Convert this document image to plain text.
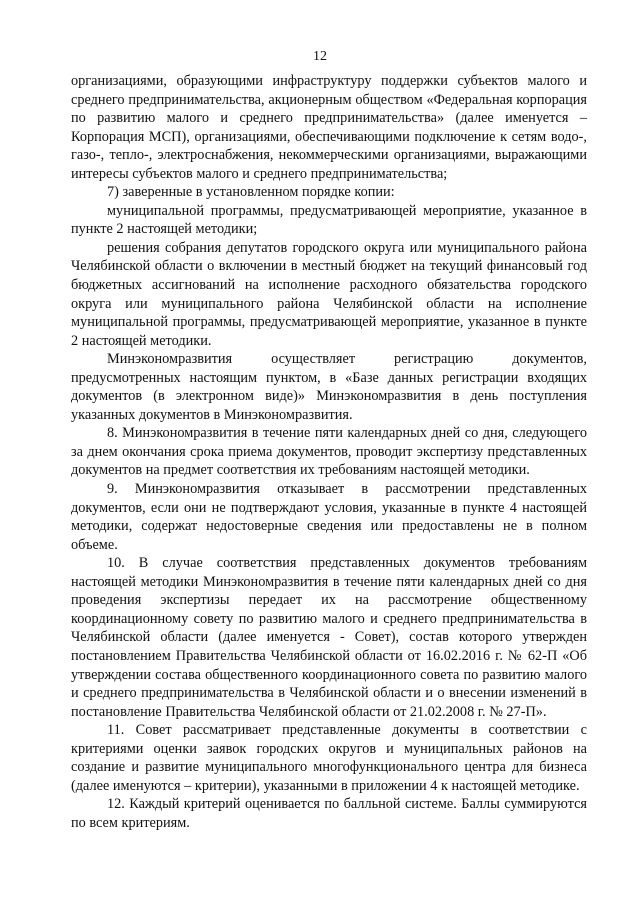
12

организациями, образующими инфраструктуру поддержки субъектов малого и среднего предпринимательства, акционерным обществом «Федеральная корпорация по развитию малого и среднего предпринимательства» (далее именуется – Корпорация МСП), организациями, обеспечивающими подключение к сетям водо-, газо-, тепло-, электроснабжения, некоммерческими организациями, выражающими интересы субъектов малого и среднего предпринимательства;

7) заверенные в установленном порядке копии:

муниципальной программы, предусматривающей мероприятие, указанное в пункте 2 настоящей методики;

решения собрания депутатов городского округа или муниципального района Челябинской области о включении в местный бюджет на текущий финансовый год бюджетных ассигнований на исполнение расходного обязательства городского округа или муниципального района Челябинской области на исполнение муниципальной программы, предусматривающей мероприятие, указанное в пункте 2 настоящей методики.

Минэкономразвития осуществляет регистрацию документов, предусмотренных настоящим пунктом, в «Базе данных регистрации входящих документов (в электронном виде)» Минэкономразвития в день поступления указанных документов в Минэкономразвития.

8. Минэкономразвития в течение пяти календарных дней со дня, следующего за днем окончания срока приема документов, проводит экспертизу представленных документов на предмет соответствия их требованиям настоящей методики.

9. Минэкономразвития отказывает в рассмотрении представленных документов, если они не подтверждают условия, указанные в пункте 4 настоящей методики, содержат недостоверные сведения или предоставлены не в полном объеме.

10. В случае соответствия представленных документов требованиям настоящей методики Минэкономразвития в течение пяти календарных дней со дня проведения экспертизы передает их на рассмотрение общественному координационному совету по развитию малого и среднего предпринимательства в Челябинской области (далее именуется - Совет), состав которого утвержден постановлением Правительства Челябинской области от 16.02.2016 г. № 62-П «Об утверждении состава общественного координационного совета по развитию малого и среднего предпринимательства в Челябинской области и о внесении изменений в постановление Правительства Челябинской области от 21.02.2008 г. № 27-П».

11. Совет рассматривает представленные документы в соответствии с критериями оценки заявок городских округов и муниципальных районов на создание и развитие муниципального многофункционального центра для бизнеса (далее именуются – критерии), указанными в приложении 4 к настоящей методике.

12. Каждый критерий оценивается по балльной системе. Баллы суммируются по всем критериям.
